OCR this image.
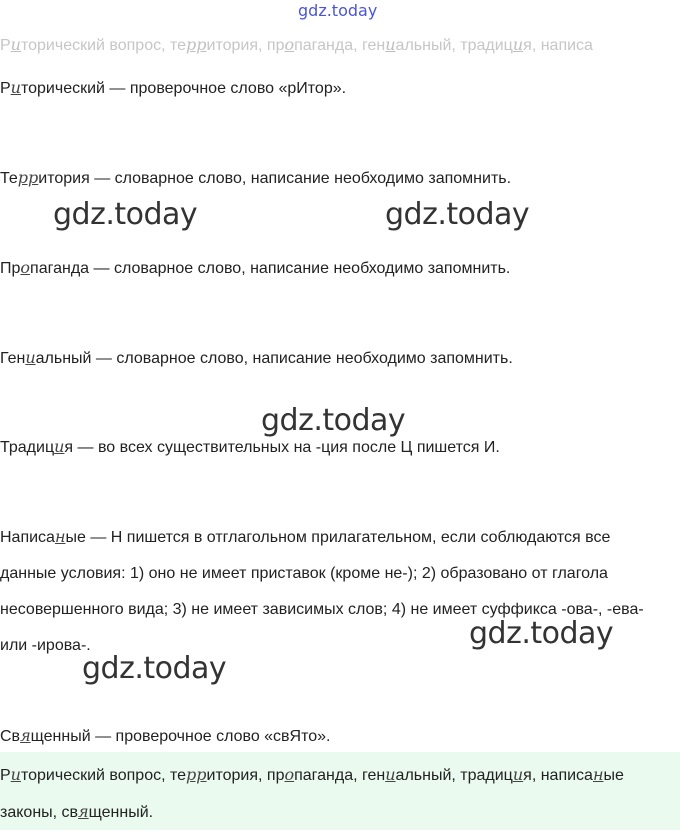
gdz.today
Риторический вопрос, территория, пропаганда, гениальный, традиция, написа
Риторический — проверочное слово «рИтор».
Территория — словарное слово, написание необходимо запомнить.
gdz.today	gdz.today
Пропаганда — словарное слово, написание необходимо запомнить.
Гениальный — словарное слово, написание необходимо запомнить.
gdz.today
Традиция — во всех существительных на -ция после Ц пишется И.
Написаные — Н пишется в отглагольном прилагательном, если соблюдаются все данные условия: 1) оно не имеет приставок (кроме не-); 2) образовано от глагола несовершенного вида; 3) не имеет зависимых слов; 4) не имеет суффикса -ова-, -ева- или -ирова-.	gdz.today
gdz.today
Священный — проверочное слово «свЯто».
Риторический вопрос, территория, пропаганда, гениальный, традиция, написаные законы, священный.
